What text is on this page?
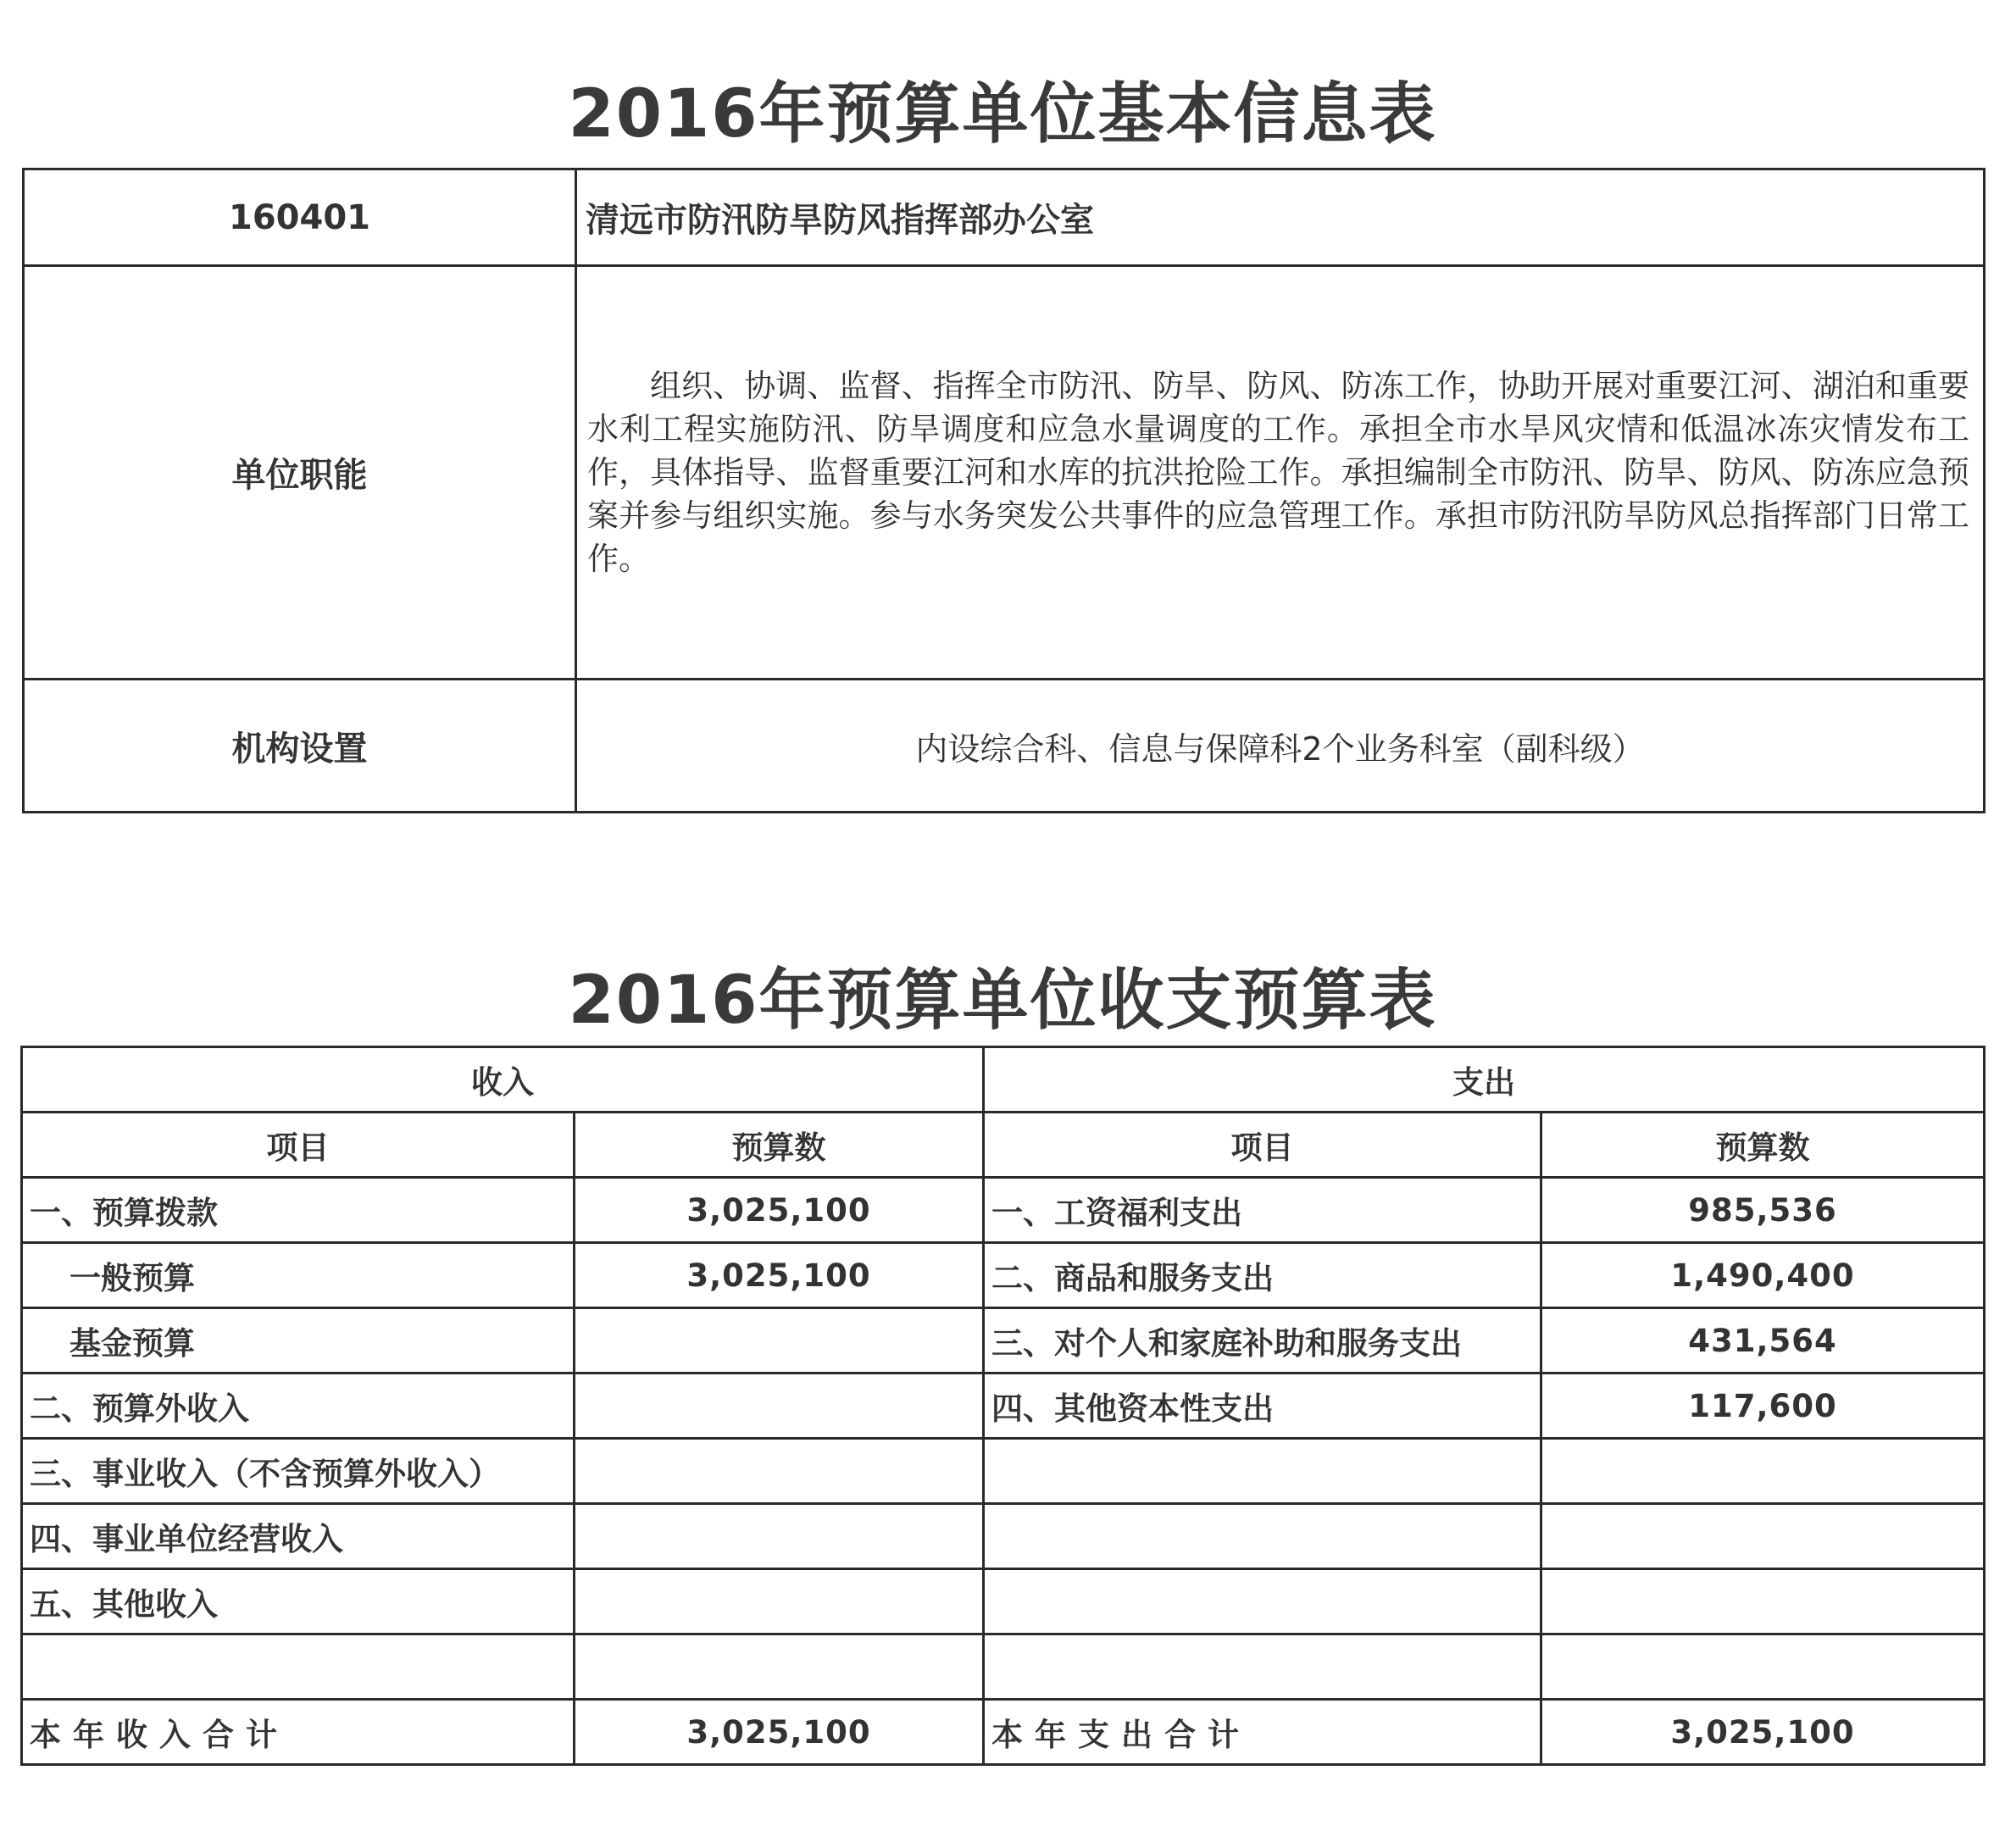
2016年预算单位基本信息表
160401	清远市防汛防旱防风指挥部办公室
单位职能	组织、协调、监督、指挥全市防汛、防旱、防风、防冻工作，协助开展对重要江河、湖泊和重要水利工程实施防汛、防旱调度和应急水量调度的工作。承担全市水旱风灾情和低温冰冻灾情发布工作，具体指导、监督重要江河和水库的抗洪抢险工作。承担编制全市防汛、防旱、防风、防冻应急预案并参与组织实施。参与水务突发公共事件的应急管理工作。承担市防汛防旱防风总指挥部门日常工作。
机构设置	内设综合科、信息与保障科2个业务科室（副科级）
2016年预算单位收支预算表
收入		支出	
项目	预算数	项目	预算数
一、预算拨款	3,025,100	一、工资福利支出	985,536
一般预算	3,025,100	二、商品和服务支出	1,490,400
基金预算		三、对个人和家庭补助和服务支出	431,564
二、预算外收入		四、其他资本性支出	117,600
三、事业收入（不含预算外收入）			
四、事业单位经营收入			
五、其他收入			

本年收入合计	3,025,100	本年支出合计	3,025,100
